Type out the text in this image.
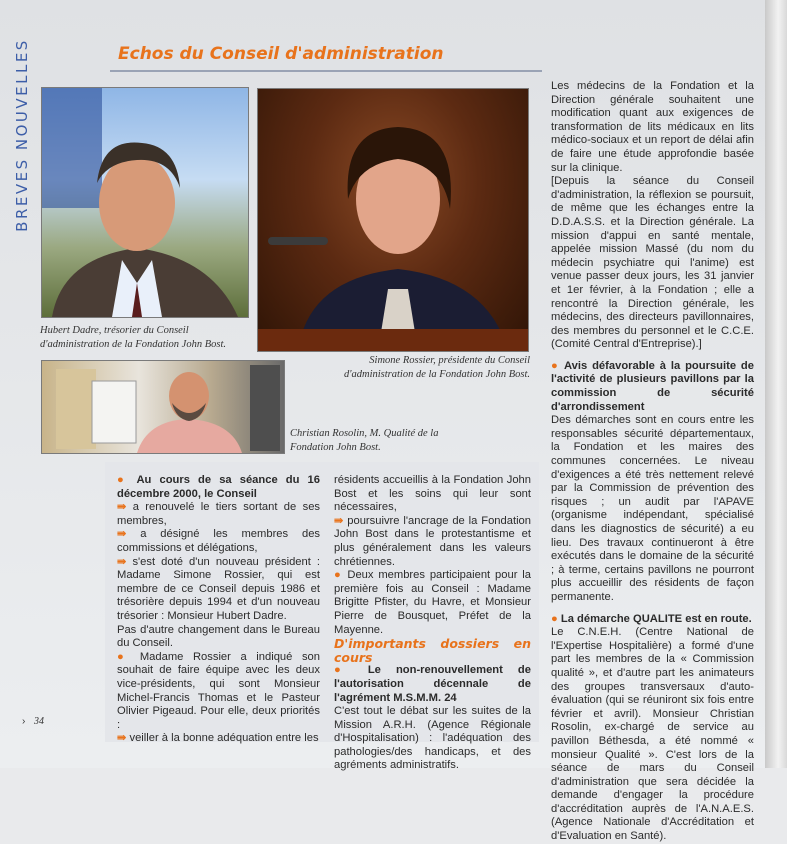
BREVES NOUVELLES	Echos du Conseil d'administration

Hubert Dadre, trésorier du Conseil d'administration de la Fondation John Bost.

Simone Rossier, présidente du Conseil d'administration de la Fondation John Bost.

Christian Rosolin, M. Qualité de la Fondation John Bost.

Les médecins de la Fondation et la Direction générale souhaitent une modification quant aux exigences de transformation de lits médicaux en lits médico-sociaux et un report de délai afin de faire une étude approfondie basée sur la clinique.

[Depuis la séance du Conseil d'administration, la réflexion se poursuit, de même que les échanges entre la D.D.A.S.S. et la Direction générale. La mission d'appui en santé mentale, appelée mission Massé (du nom du médecin psychiatre qui l'anime) est venue passer deux jours, les 31 janvier et 1er février, à la Fondation ; elle a rencontré la Direction générale, les médecins, des directeurs pavillonnaires, des membres du personnel et le C.C.E. (Comité Central d'Entreprise).]

● Avis défavorable à la poursuite de l'activité de plusieurs pavillons par la commission de sécurité d'arrondissement

Des démarches sont en cours entre les responsables sécurité départementaux, la Fondation et les maires des communes concernées. Le niveau d'exigences a été très nettement relevé par la Commission de prévention des risques ; un audit par l'APAVE (organisme indépendant, spécialisé dans les diagnostics de sécurité) a eu lieu. Des travaux continueront à être exécutés dans le domaine de la sécurité ; à terme, certains pavillons ne pourront plus accueillir des résidents de façon permanente.

● La démarche QUALITE est en route.

Le C.N.E.H. (Centre National de l'Expertise Hospitalière) a formé d'une part les membres de la « Commission qualité », et d'autre part les animateurs des groupes transversaux d'auto-évaluation (qui se réuniront six fois entre février et avril). Monsieur Christian Rosolin, ex-chargé de service au pavillon Béthesda, a été nommé « monsieur Qualité ». C'est lors de la séance de mars du Conseil d'administration que sera décidée la demande d'engager la procédure d'accréditation auprès de l'A.N.A.E.S. (Agence Nationale d'Accréditation et d'Evaluation en Santé).

● Au cours de sa séance du 16 décembre 2000, le Conseil

⇛ a renouvelé le tiers sortant de ses membres,

⇛ a désigné les membres des commissions et délégations,

⇛ s'est doté d'un nouveau président : Madame Simone Rossier, qui est membre de ce Conseil depuis 1986 et trésorière depuis 1994 et d'un nouveau trésorier : Monsieur Hubert Dadre.

Pas d'autre changement dans le Bureau du Conseil.

● Madame Rossier a indiqué son souhait de faire équipe avec les deux vice-présidents, qui sont Monsieur Michel-Francis Thomas et le Pasteur Olivier Pigeaud. Pour elle, deux priorités :

⇛ veiller à la bonne adéquation entre les

résidents accueillis à la Fondation John Bost et les soins qui leur sont nécessaires,

⇛ poursuivre l'ancrage de la Fondation John Bost dans le protestantisme et plus généralement dans les valeurs chrétiennes.

● Deux membres participaient pour la première fois au Conseil : Madame Brigitte Pfister, du Havre, et Monsieur Pierre de Bousquet, Préfet de la Mayenne.

D'importants dossiers en cours

● Le non-renouvellement de l'autorisation décennale de l'agrément M.S.M.M. 24

C'est tout le débat sur les suites de la Mission A.R.H. (Agence Régionale d'Hospitalisation) : l'adéquation des pathologies/des handicaps, et des agréments administratifs.

› 34
